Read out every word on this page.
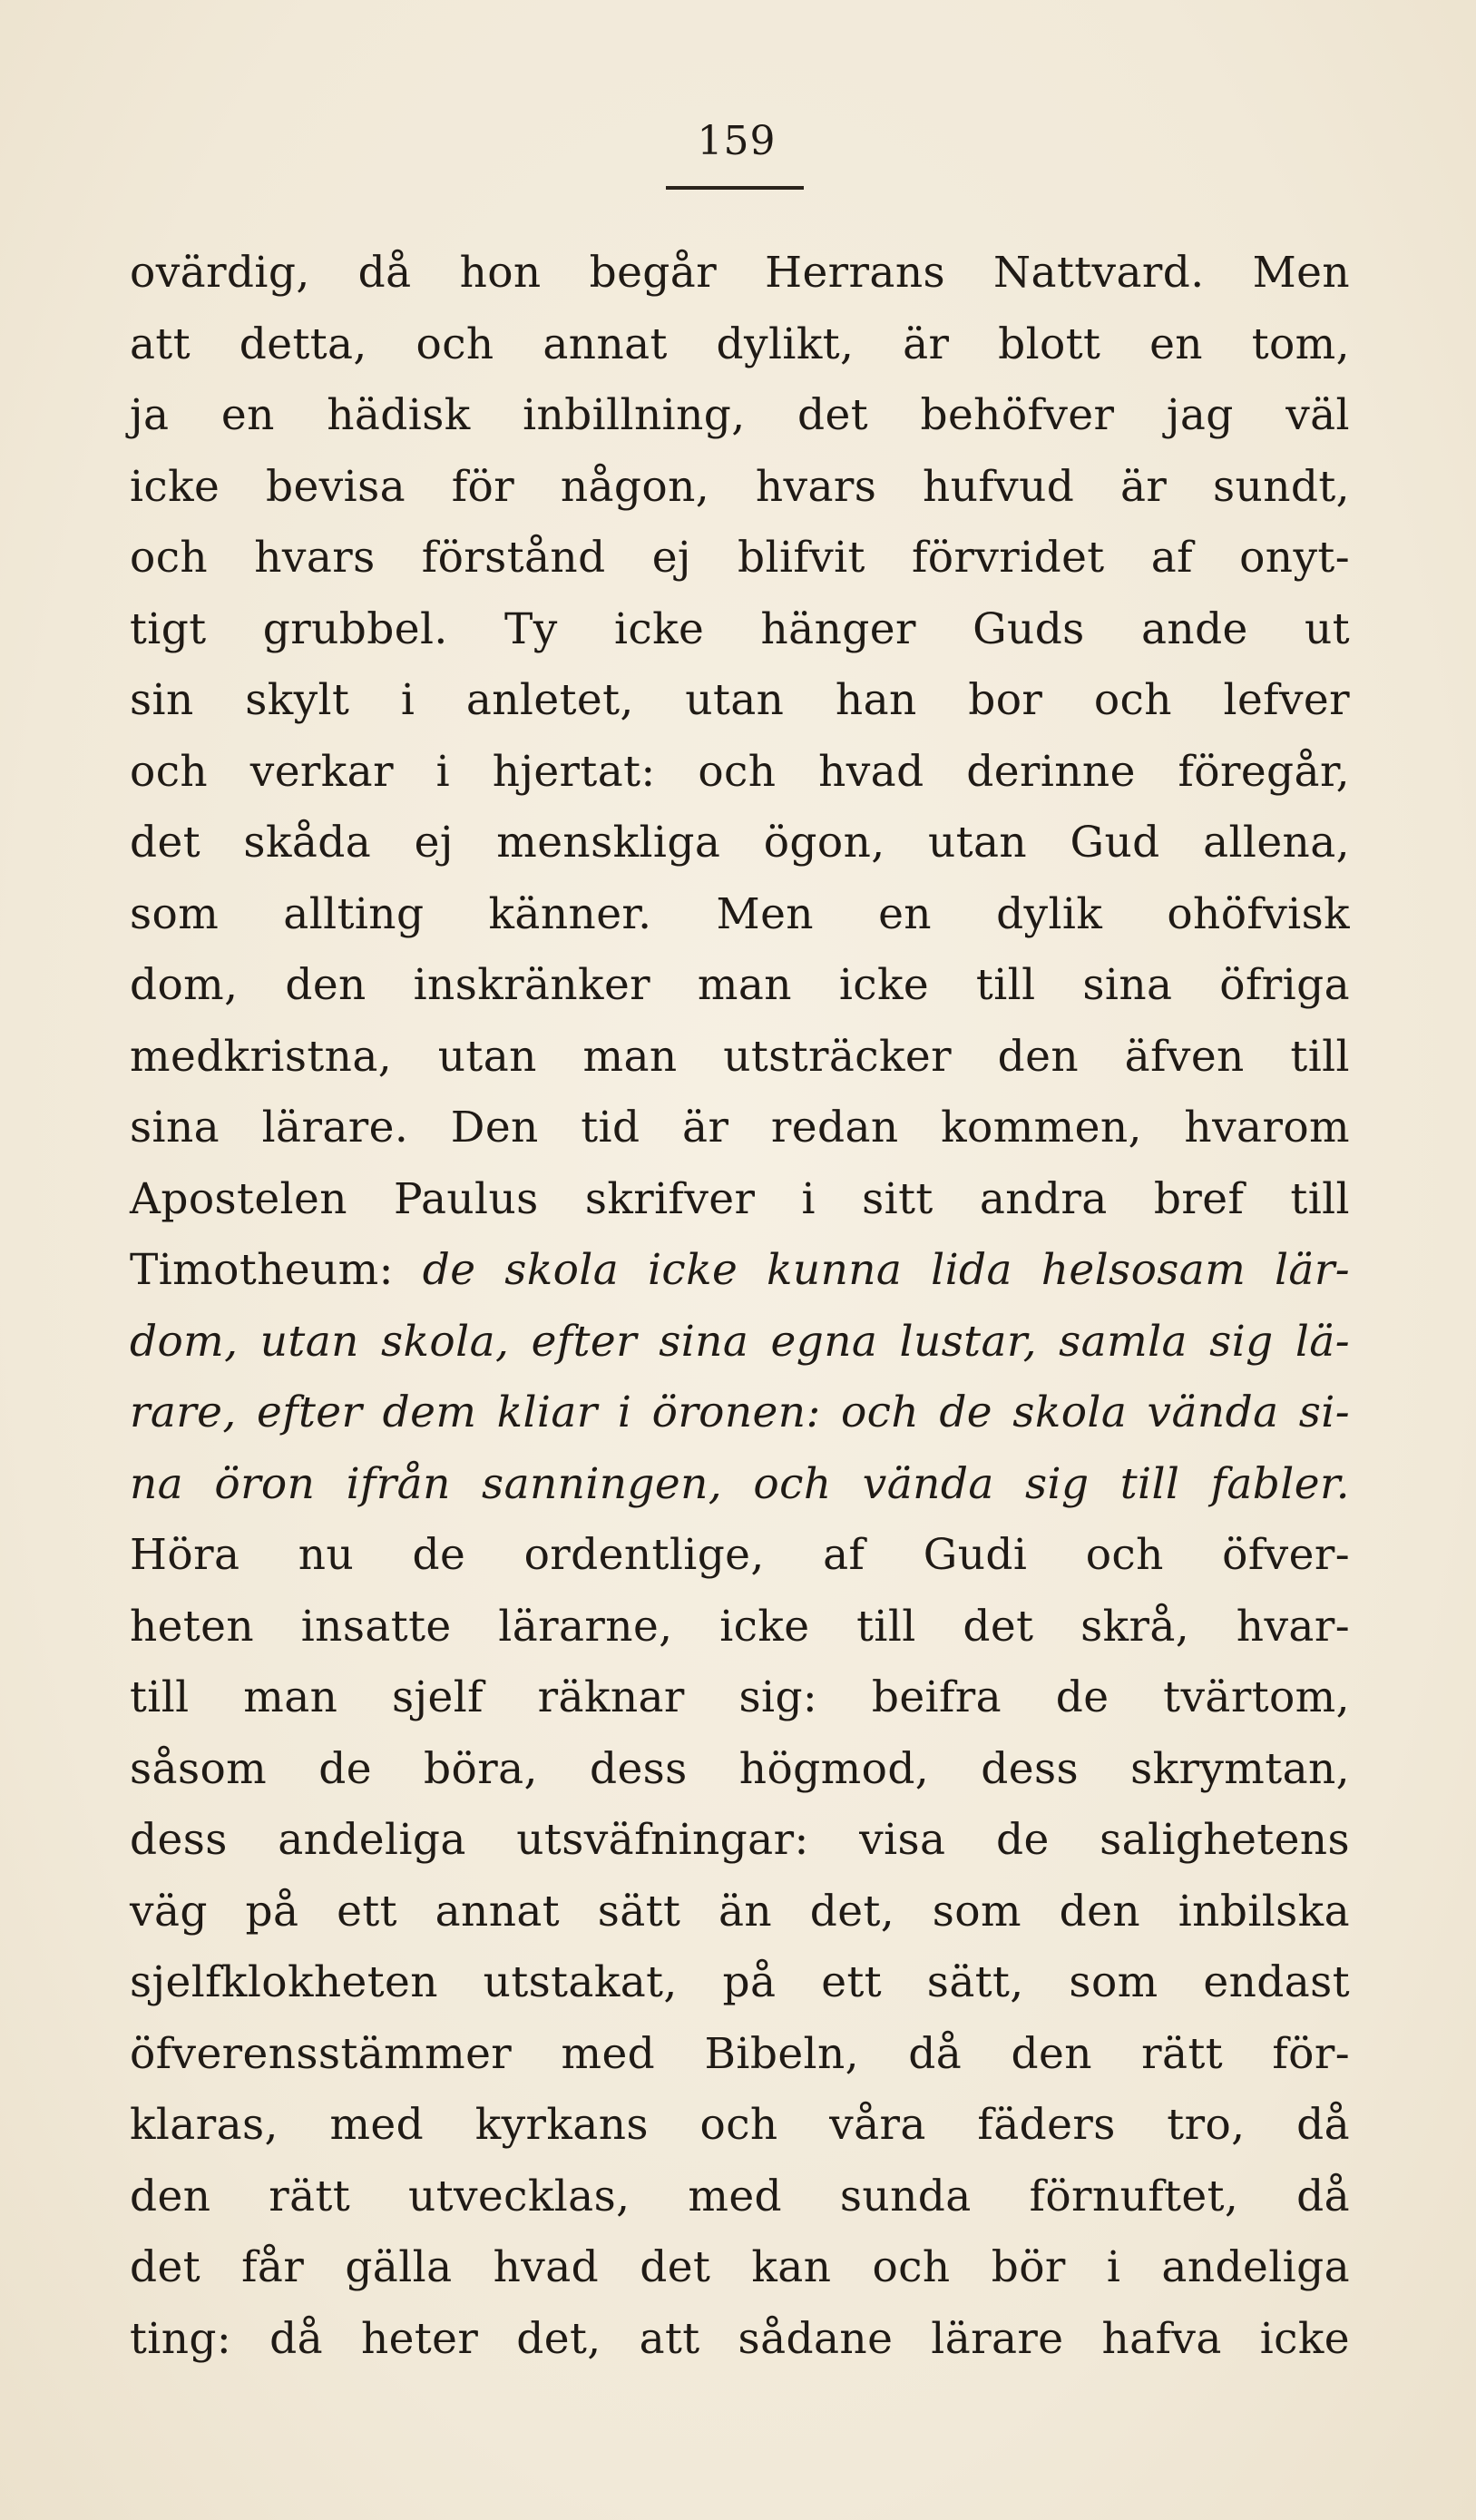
159
ovärdig, då hon begår Herrans Nattvard. Men
att detta, och annat dylikt, är blott en tom,
ja en hädisk inbillning, det behöfver jag väl
icke bevisa för någon, hvars hufvud är sundt,
och hvars förstånd ej blifvit förvridet af onyt-
tigt grubbel. Ty icke hänger Guds ande ut
sin skylt i anletet, utan han bor och lefver
och verkar i hjertat: och hvad derinne föregår,
det skåda ej menskliga ögon, utan Gud allena,
som allting känner. Men en dylik ohöfvisk
dom, den inskränker man icke till sina öfriga
medkristna, utan man utsträcker den äfven till
sina lärare. Den tid är redan kommen, hvarom
Apostelen Paulus skrifver i sitt andra bref till
Timotheum: de skola icke kunna lida helsosam lär-
dom, utan skola, efter sina egna lustar, samla sig lä-
rare, efter dem kliar i öronen: och de skola vända si-
na öron ifrån sanningen, och vända sig till fabler.
Höra nu de ordentlige, af Gudi och öfver-
heten insatte lärarne, icke till det skrå, hvar-
till man sjelf räknar sig: beifra de tvärtom,
såsom de böra, dess högmod, dess skrymtan,
dess andeliga utsväfningar: visa de salighetens
väg på ett annat sätt än det, som den inbilska
sjelfklokheten utstakat, på ett sätt, som endast
öfverensstämmer med Bibeln, då den rätt för-
klaras, med kyrkans och våra fäders tro, då
den rätt utvecklas, med sunda förnuftet, då
det får gälla hvad det kan och bör i andeliga
ting: då heter det, att sådane lärare hafva icke
